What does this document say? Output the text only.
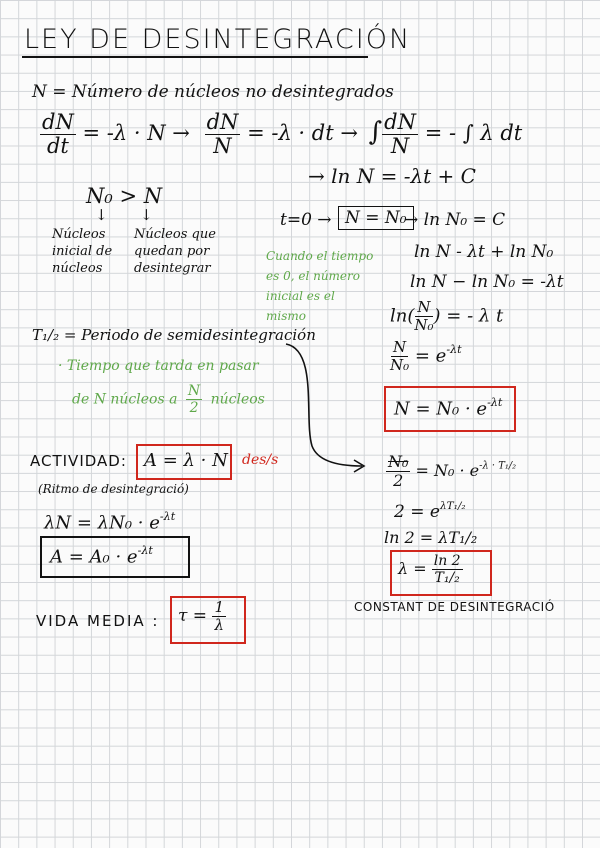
LEY DE DESINTEGRACIÓN
N = Número de núcleos no desintegrados
$\frac{dN}{dt} = -\lambda \cdot N \to \frac{dN}{N} = -\lambda$ · dt → ∫ $\frac{dN}{N}$ = - ∫ λ dt
→ ln N = -λt + C
N₀ > N
↓ ↓
Núcleos inicial de núcleos
Núcleos que quedan por desintegrar
t=0 → N = N₀
→ ln N₀ = C
Cuando el tiempo es 0, el número inicial es el mismo
ln N - λt + ln N₀
ln N − ln N₀ = -λt
$\ln( \frac{N}{\text{N₀}}$ ) = - λ t
$\frac{N}{\text{N₀}} = e^{-\lambda t}$
$N = N_0 \cdot e^{-\lambda t}$
T₁/₂ = Periodo de semidesintegración
· Tiempo que tarda en pasar
de N núcleos a $\frac{N}{2}$ núcleos
ACTIVIDAD: A = λ · N des/s
(Ritmo de desintegració)
$\lambda N = \lambda N_0 \cdot e^{-\lambda t}$
$A = A_0 \cdot e^{-\lambda t}$
$\frac{\text{N₀}}{2} = N_0 \cdot e^{-\lambda \cdot T_1/_2}$
$2 = e^{\lambda T_1/_2}$
ln 2 = λT₁/₂
$\lambda = \frac{\ln 2}{\text{T₁/₂}}$
CONSTANT DE DESINTEGRACIÓ
VIDA MEDIA : $\tau = \frac{1}{\lambda}$
